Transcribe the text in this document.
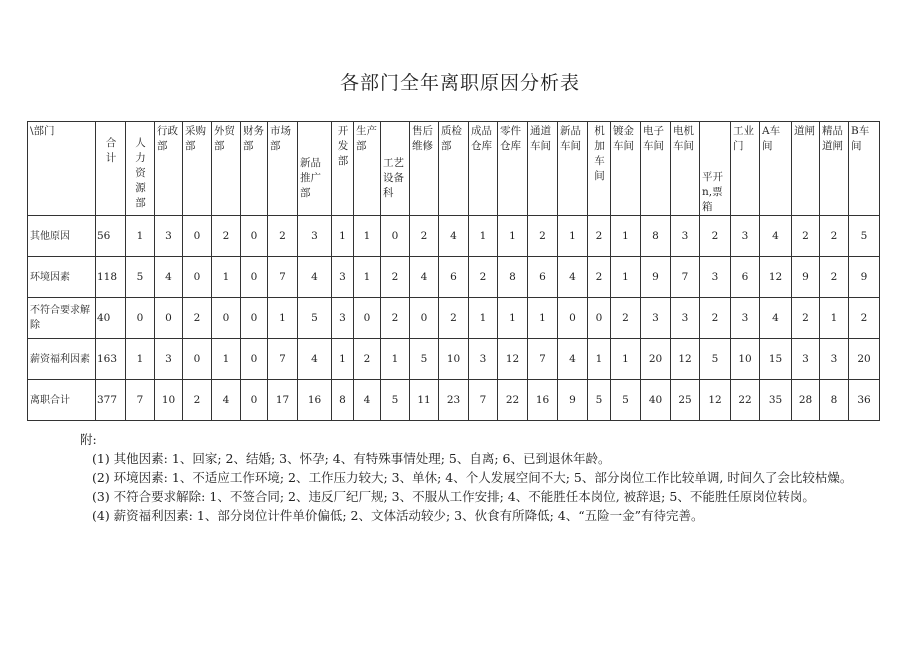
各部门全年离职原因分析表
\部门	合计	人力资源部	行政部	采购部	外贸部	财务部	市场部	新品推广部	开发部	生产部	工艺设备科	售后维修	质检部	成品仓库	零件仓库	通道车间	新品车间	机加车间	镀金车间	电子车间	电机车间	平开n,票箱	工业门	A车间	道闸	精品道闸	B车间

其他原因	56	1	3	0	2	0	2	3	1	1	0	2	4	1	1	2	1	2	1	8	3	2	3	4	2	2	5
环境因素	118	5	4	0	1	0	7	4	3	1	2	4	6	2	8	6	4	2	1	9	7	3	6	12	9	2	9
不符合要求解除	40	0	0	2	0	0	1	5	3	0	2	0	2	1	1	1	0	0	2	3	3	2	3	4	2	1	2
薪资福利因素	163	1	3	0	1	0	7	4	1	2	1	5	10	3	12	7	4	1	1	20	12	5	10	15	3	3	20
离职合计	377	7	10	2	4	0	17	16	8	4	5	11	23	7	22	16	9	5	5	40	25	12	22	35	28	8	36

附:

(1) 其他因素: 1、回家; 2、结婚; 3、怀孕; 4、有特殊事情处理; 5、自离; 6、已到退休年龄。

(2) 环境因素: 1、不适应工作环境; 2、工作压力较大; 3、单休; 4、个人发展空间不大; 5、部分岗位工作比较单调, 时间久了会比较枯燥。

(3) 不符合要求解除: 1、不签合同; 2、违反厂纪厂规; 3、不服从工作安排; 4、不能胜任本岗位, 被辞退; 5、不能胜任原岗位转岗。

(4) 薪资福利因素: 1、部分岗位计件单价偏低; 2、文体活动较少; 3、伙食有所降低; 4、“五险一金”有待完善。
